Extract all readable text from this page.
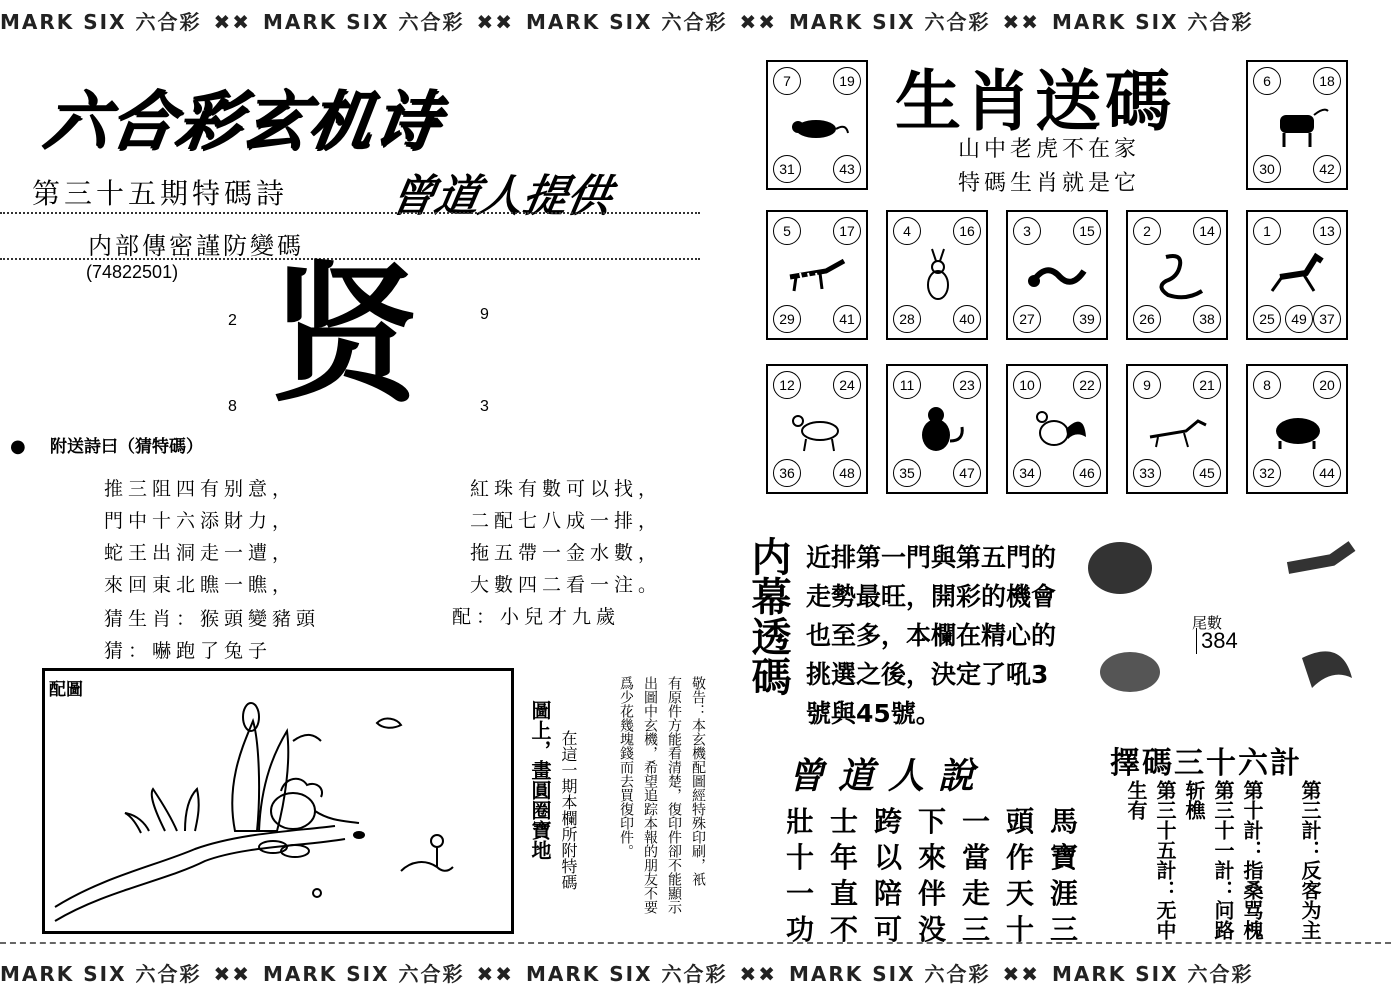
MARK SIX 六合彩 ✖✖ MARK SIX 六合彩 ✖✖ MARK SIX 六合彩 ✖✖ MARK SIX 六合彩 ✖✖ MARK SIX 六合彩
MARK SIX 六合彩 ✖✖ MARK SIX 六合彩 ✖✖ MARK SIX 六合彩 ✖✖ MARK SIX 六合彩 ✖✖ MARK SIX 六合彩
六合彩玄机诗
第三十五期特碼詩 曾道人提供
内部傳密謹防變碼
(74822501)
2	9
8	3
贤
● 附送詩曰（猜特碼）
推三阻四有别意，
門中十六添財力，
蛇王出洞走一遭，
來回東北瞧一瞧，
猜生肖：猴頭變豬頭
猜：嚇跑了兔子
紅珠有數可以找，
二配七八成一排，
拖五帶一金水數，
大數四二看一注。
配：小兒才九歲
配圖	敬告：本玄機配圖經特殊印刷，衹
有原件方能看清楚，復印件卻不能顯示
出圖中玄機，希望追踪本報的朋友不要
爲少花幾塊錢而去買復印件。
在這一期本欄所附特碼
圖上，畫圓圈寶地
生肖送碼
山中老虎不在家
特碼生肖就是它
7	19
31	43
6	18
30	42
5	17
29	41
4	16
28	40
3	15
27	39
2	14
26	38
1	13
25	49 37
12	24
36	48
11	23
35	47
10	22
34	46
9	21
33	45
8	20
32	44
内幕透碼 近排第一門與第五門的走勢最旺，開彩的機會也至多，本欄在精心的挑選之後，決定了吼3號與45號。
尾數
384
曾道人說
壯士跨下一頭馬
十年以來當作寶
一直陪伴走天涯
功不可没三十三
擇碼三十六計
第三計：反客为主
第十計：指桑骂槐
第三十一計：问路斩樵
第三十五計：无中生有
